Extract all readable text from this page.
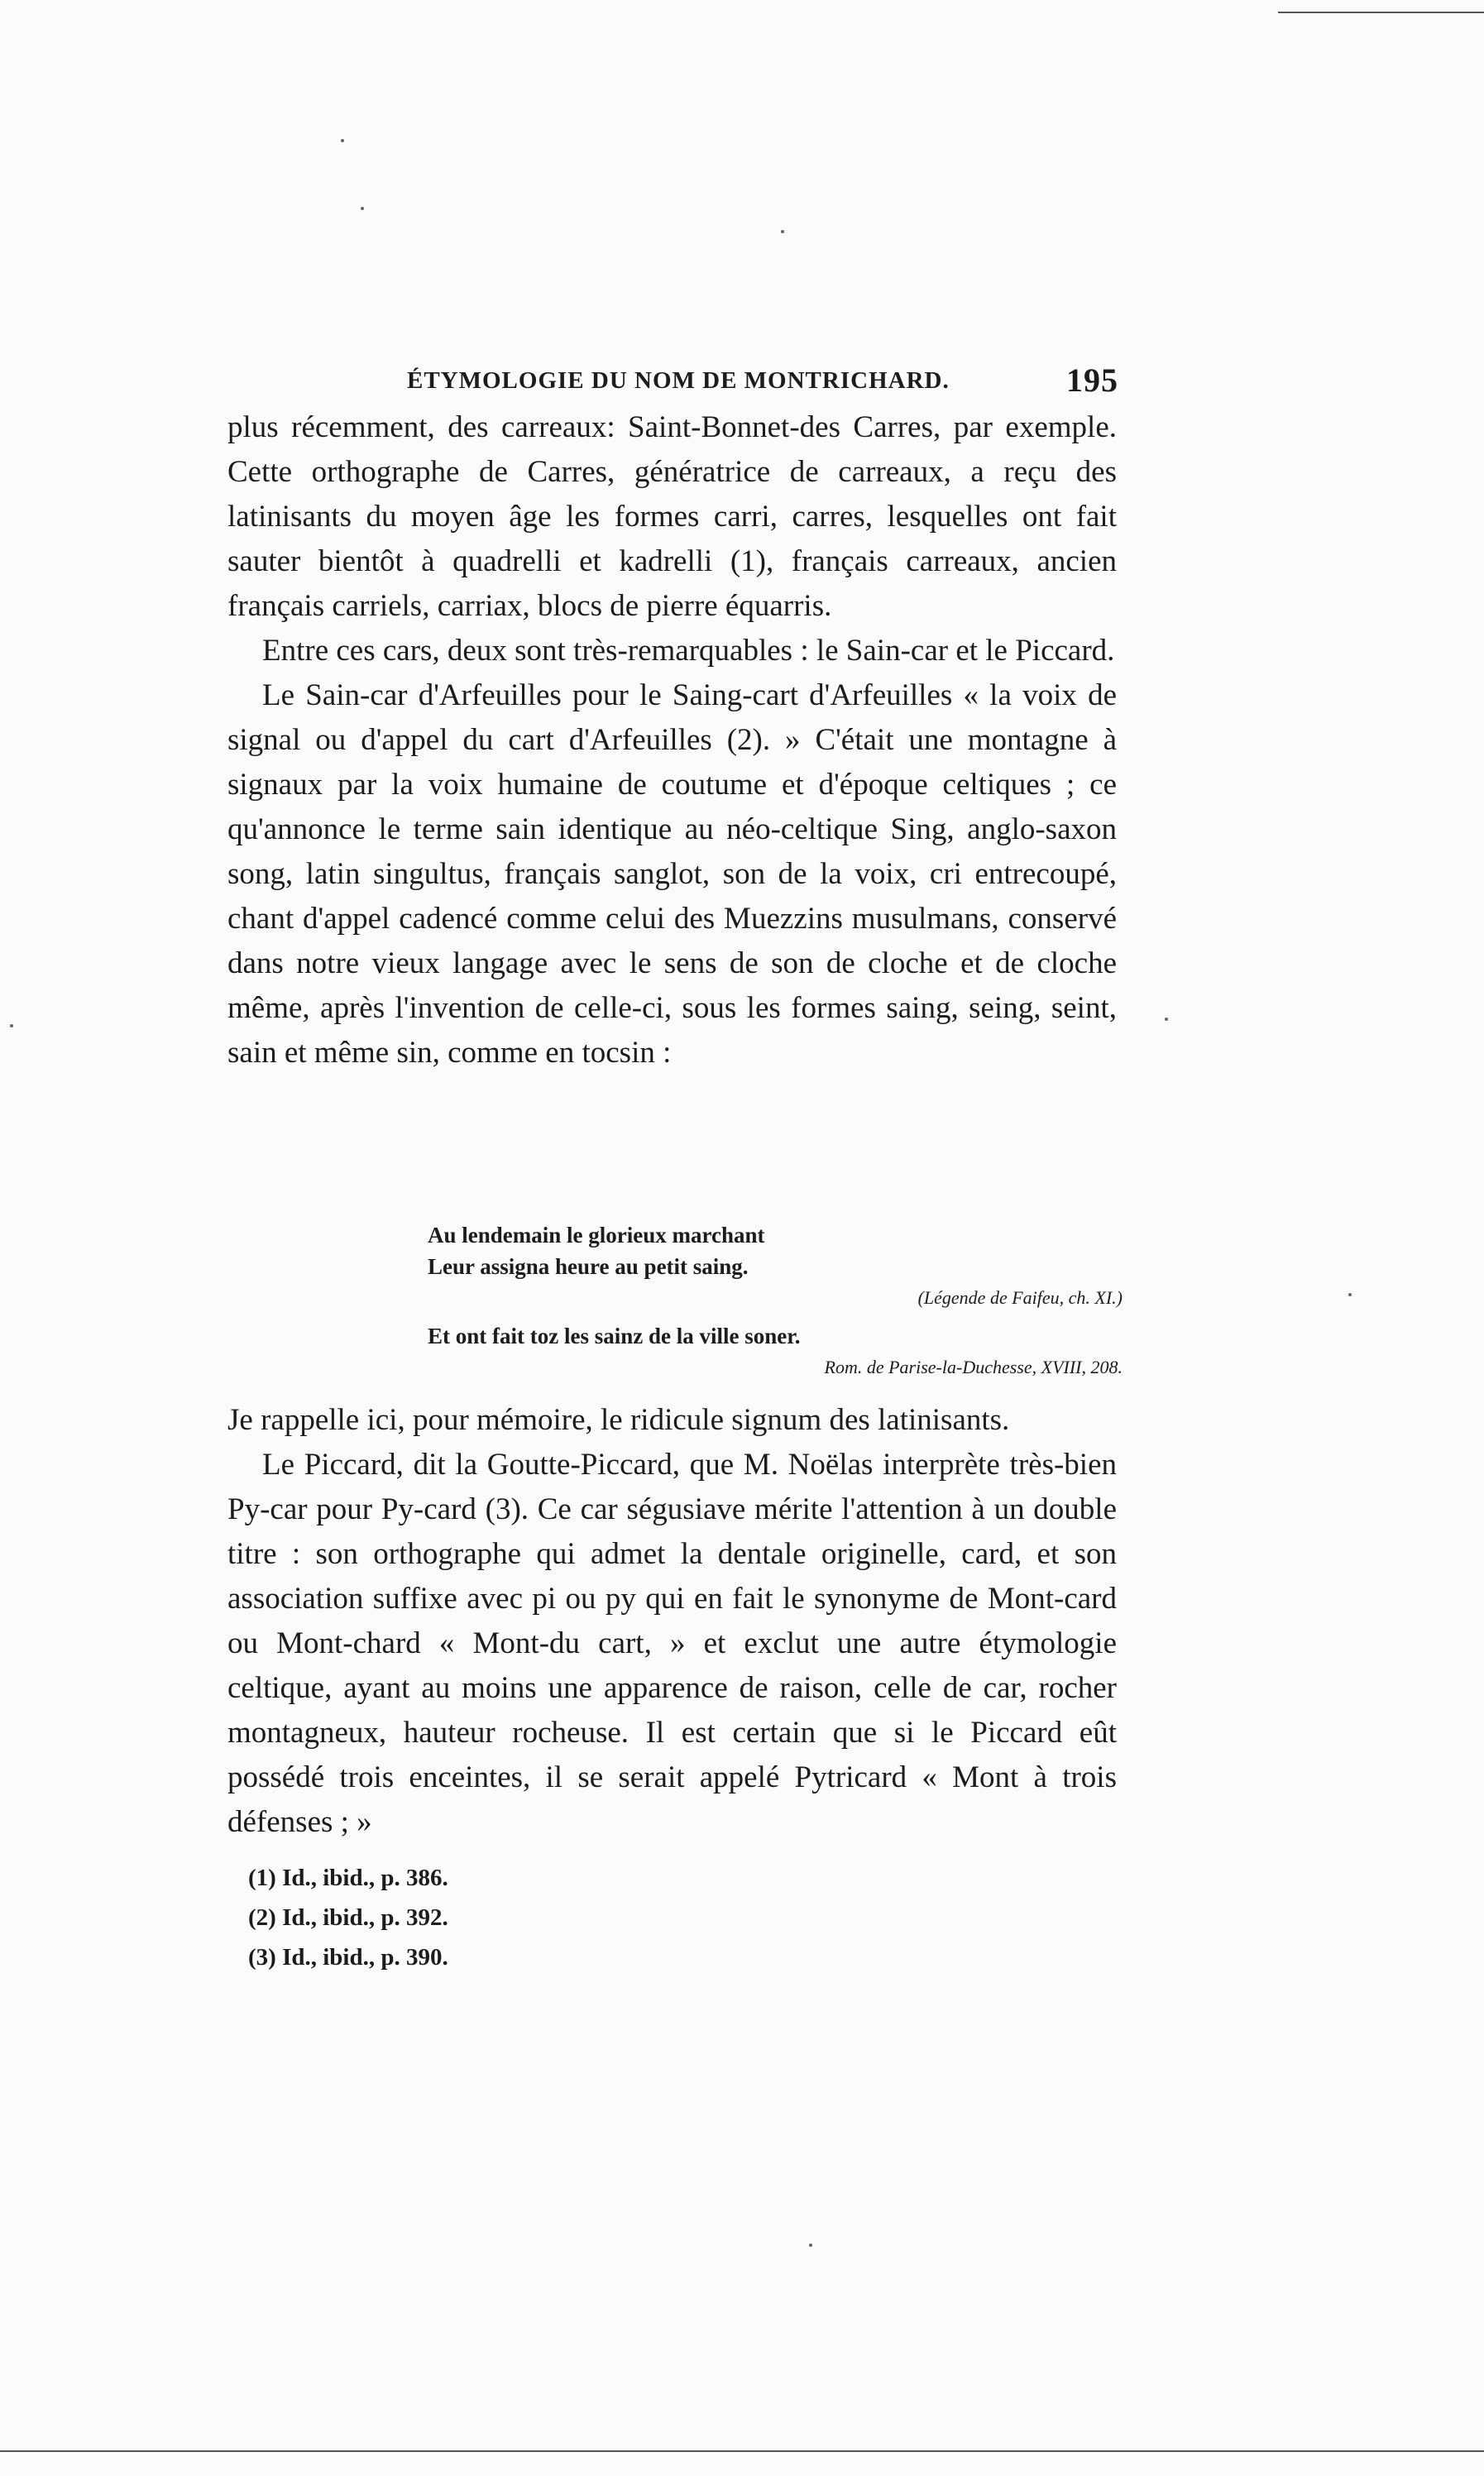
ÉTYMOLOGIE DU NOM DE MONTRICHARD.	195

plus récemment, des carreaux: Saint-Bonnet-des Carres, par exemple. Cette orthographe de Carres, génératrice de carreaux, a reçu des latinisants du moyen âge les formes carri, carres, lesquelles ont fait sauter bientôt à quadrelli et kadrelli (1), français carreaux, ancien français carriels, carriax, blocs de pierre équarris.

Entre ces cars, deux sont très-remarquables : le Sain-car et le Piccard.

Le Sain-car d'Arfeuilles pour le Saing-cart d'Arfeuilles « la voix de signal ou d'appel du cart d'Arfeuilles (2). » C'était une montagne à signaux par la voix humaine de coutume et d'époque celtiques ; ce qu'annonce le terme sain identique au néo-celtique Sing, anglo-saxon song, latin singultus, français sanglot, son de la voix, cri entrecoupé, chant d'appel cadencé comme celui des Muezzins musulmans, conservé dans notre vieux langage avec le sens de son de cloche et de cloche même, après l'invention de celle-ci, sous les formes saing, seing, seint, sain et même sin, comme en tocsin :

Au lendemain le glorieux marchant

Leur assigna heure au petit saing.

(Légende de Faifeu, ch. XI.)

Et ont fait toz les sainz de la ville soner.

Rom. de Parise-la-Duchesse, XVIII, 208.

Je rappelle ici, pour mémoire, le ridicule signum des latinisants.

Le Piccard, dit la Goutte-Piccard, que M. Noëlas interprète très-bien Py-car pour Py-card (3). Ce car ségusiave mérite l'attention à un double titre : son orthographe qui admet la dentale originelle, card, et son association suffixe avec pi ou py qui en fait le synonyme de Mont-card ou Mont-chard « Mont-du cart, » et exclut une autre étymologie celtique, ayant au moins une apparence de raison, celle de car, rocher montagneux, hauteur rocheuse. Il est certain que si le Piccard eût possédé trois enceintes, il se serait appelé Pytricard « Mont à trois défenses ; »

(1) Id., ibid., p. 386.

(2) Id., ibid., p. 392.

(3) Id., ibid., p. 390.
